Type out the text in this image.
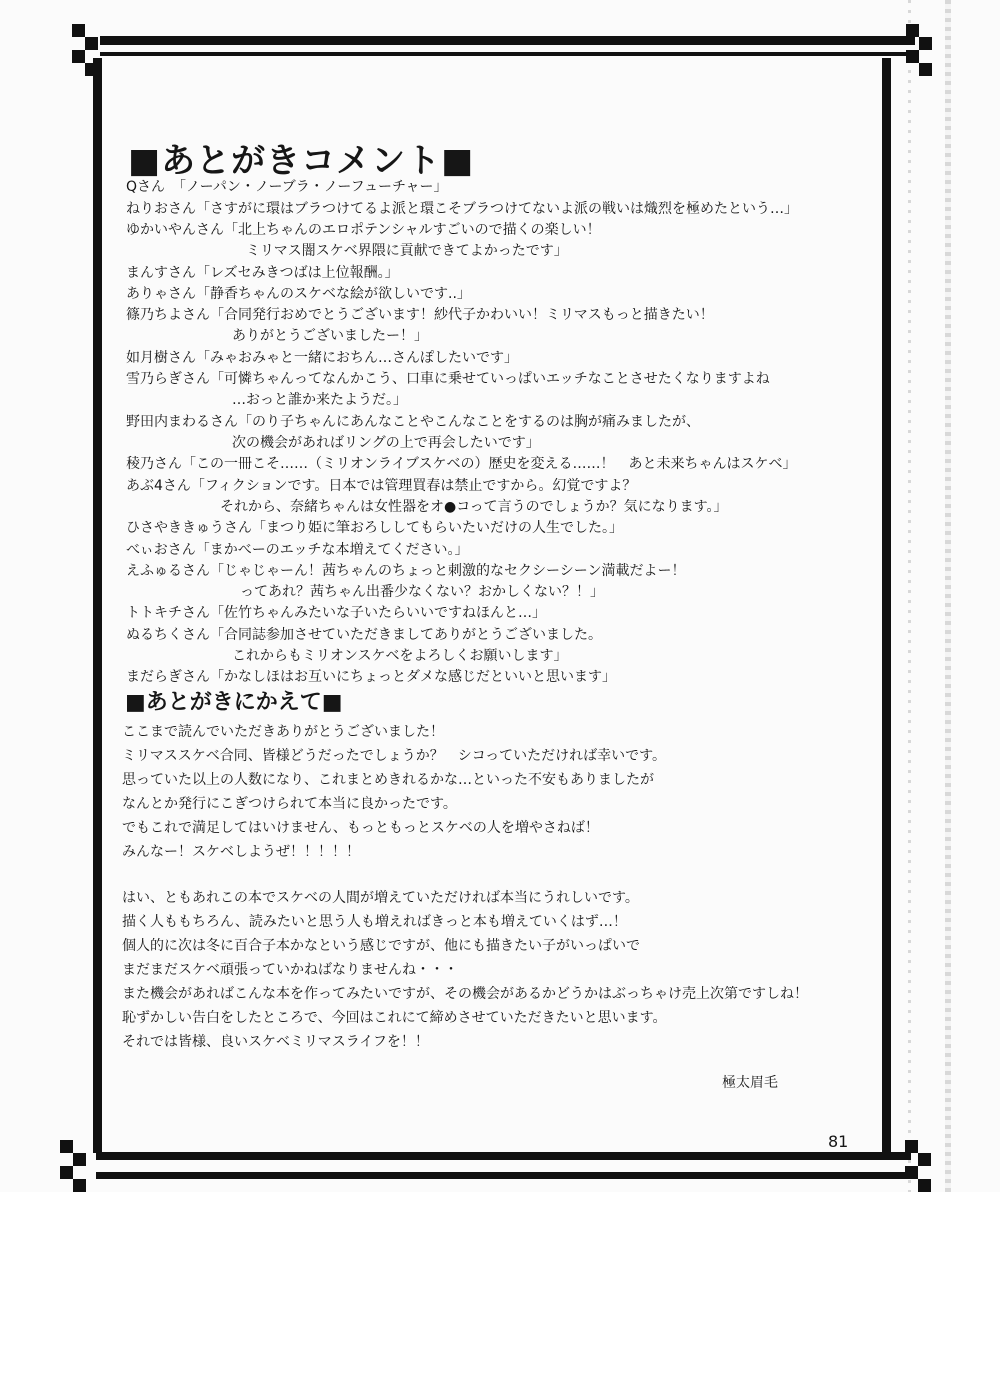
■あとがきコメント■
Qさん　「ノーパン・ノーブラ・ノーフューチャー」
ねりおさん「さすがに環はブラつけてるよ派と環こそブラつけてないよ派の戦いは熾烈を極めたという…」
ゆかいやんさん「北上ちゃんのエロポテンシャルすごいので描くの楽しい！
ミリマス闇スケベ界隈に貢献できてよかったです」
まんすさん「レズセみきつばは上位報酬。」
ありゃさん「静香ちゃんのスケベな絵が欲しいです..」
篠乃ちよさん「合同発行おめでとうございます！紗代子かわいい！ミリマスもっと描きたい！
ありがとうございましたー！」
如月樹さん「みゃおみゃと一緒におちん…さんぽしたいです」
雪乃らぎさん「可憐ちゃんってなんかこう、口車に乗せていっぱいエッチなことさせたくなりますよね
…おっと誰か来たようだ。」
野田内まわるさん「のり子ちゃんにあんなことやこんなことをするのは胸が痛みましたが、
次の機会があればリングの上で再会したいです」
稜乃さん「この一冊こそ……（ミリオンライブスケベの）歴史を変える……！　あと未来ちゃんはスケベ」
あぶ4さん「フィクションです。日本では管理買春は禁止ですから。幻覚ですよ？
それから、奈緒ちゃんは女性器をオ●コって言うのでしょうか？気になります。」
ひさやききゅうさん「まつり姫に筆おろししてもらいたいだけの人生でした。」
べぃおさん「まかべーのエッチな本増えてください。」
えふゅるさん「じゃじゃーん！茜ちゃんのちょっと刺激的なセクシーシーン満載だよー！
ってあれ？茜ちゃん出番少なくない？おかしくない？！」
トトキチさん「佐竹ちゃんみたいな子いたらいいですねほんと…」
ぬるちくさん「合同誌参加させていただきましてありがとうございました。
これからもミリオンスケベをよろしくお願いします」
まだらぎさん「かなしほはお互いにちょっとダメな感じだといいと思います」
■あとがきにかえて■
ここまで読んでいただきありがとうございました！
ミリマススケベ合同、皆様どうだったでしょうか？　シコっていただければ幸いです。
思っていた以上の人数になり、これまとめきれるかな…といった不安もありましたが
なんとか発行にこぎつけられて本当に良かったです。
でもこれで満足してはいけません、もっともっとスケベの人を増やさねば！
みんなー！スケベしようぜ！！！！！
はい、ともあれこの本でスケベの人間が増えていただければ本当にうれしいです。
描く人ももちろん、読みたいと思う人も増えればきっと本も増えていくはず…！
個人的に次は冬に百合子本かなという感じですが、他にも描きたい子がいっぱいで
まだまだスケベ頑張っていかねばなりませんね・・・
また機会があればこんな本を作ってみたいですが、その機会があるかどうかはぶっちゃけ売上次第ですしね！
恥ずかしい告白をしたところで、今回はこれにて締めさせていただきたいと思います。
それでは皆様、良いスケベミリマスライフを！！
極太眉毛
81
